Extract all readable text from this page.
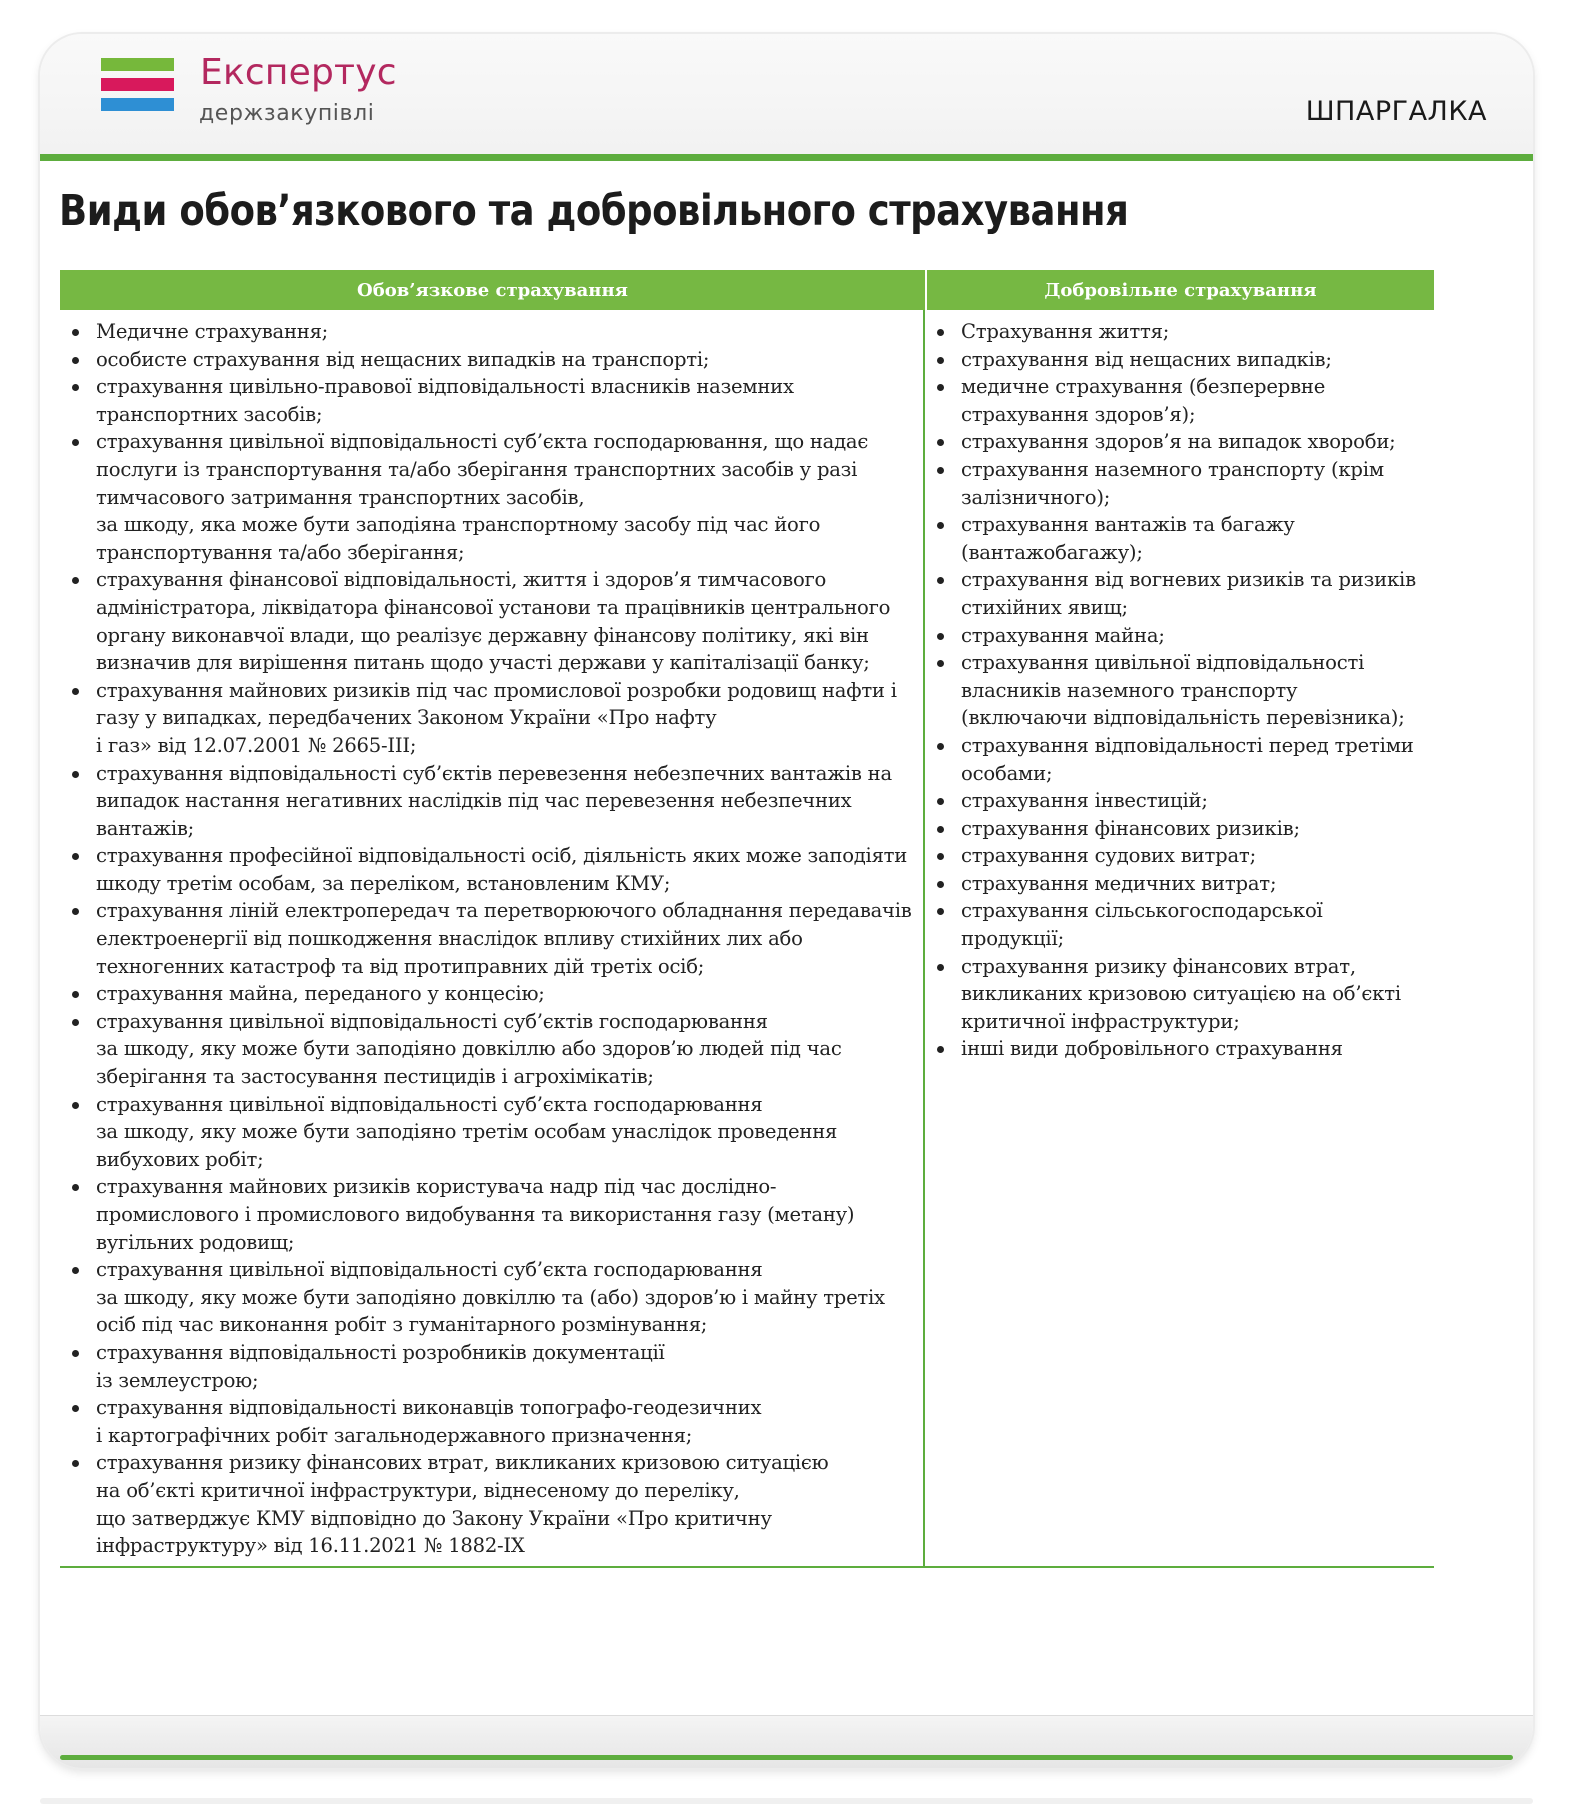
Експертус
держзакупівлі	ШПАРГАЛКА
Види обов’язкового та добровільного страхування
Обов’язкове страхування	Добровільне страхування
Медичне страхування;
особисте страхування від нещасних випадків на транспорті;
страхування цивільно-правової відповідальності власників наземних транспортних засобів;
страхування цивільної відповідальності суб’єкта господарювання, що надає послуги із транспортування та/або зберігання транспортних засобів у разі тимчасового затримання транспортних засобів,
за шкоду, яка може бути заподіяна транспортному засобу під час його транспортування та/або зберігання;
страхування фінансової відповідальності, життя і здоров’я тимчасового адміністратора, ліквідатора фінансової установи та працівників центрального органу виконавчої влади, що реалізує державну фінансову політику, які він визначив для вирішення питань щодо участі держави у капіталізації банку;
страхування майнових ризиків під час промислової розробки родовищ нафти і газу у випадках, передбачених Законом України «Про нафту
і газ» від 12.07.2001 № 2665-III;
страхування відповідальності суб’єктів перевезення небезпечних вантажів на випадок настання негативних наслідків під час перевезення небезпечних вантажів;
страхування професійної відповідальності осіб, діяльність яких може заподіяти шкоду третім особам, за переліком, встановленим КМУ;
страхування ліній електропередач та перетворюючого обладнання передавачів електроенергії від пошкодження внаслідок впливу стихійних лих або техногенних катастроф та від протиправних дій третіх осіб;
страхування майна, переданого у концесію;
страхування цивільної відповідальності суб’єктів господарювання
за шкоду, яку може бути заподіяно довкіллю або здоров’ю людей під час зберігання та застосування пестицидів і агрохімікатів;
страхування цивільної відповідальності суб’єкта господарювання
за шкоду, яку може бути заподіяно третім особам унаслідок проведення вибухових робіт;
страхування майнових ризиків користувача надр під час дослідно-промислового і промислового видобування та використання газу (метану) вугільних родовищ;
страхування цивільної відповідальності суб’єкта господарювання
за шкоду, яку може бути заподіяно довкіллю та (або) здоров’ю і майну третіх осіб під час виконання робіт з гуманітарного розмінування;
страхування відповідальності розробників документації
із землеустрою;
страхування відповідальності виконавців топографо-геодезичних
і картографічних робіт загальнодержавного призначення;
страхування ризику фінансових втрат, викликаних кризовою ситуацією
на об’єкті критичної інфраструктури, віднесеному до переліку,
що затверджує КМУ відповідно до Закону України «Про критичну інфраструктуру» від 16.11.2021 № 1882-IX
Страхування життя;
страхування від нещасних випадків;
медичне страхування (безперервне страхування здоров’я);
страхування здоров’я на випадок хвороби;
страхування наземного транспорту (крім залізничного);
страхування вантажів та багажу (вантажобагажу);
страхування від вогневих ризиків та ризиків стихійних явищ;
страхування майна;
страхування цивільної відповідальності власників наземного транспорту (включаючи відповідальність перевізника);
страхування відповідальності перед третіми особами;
страхування інвестицій;
страхування фінансових ризиків;
страхування судових витрат;
страхування медичних витрат;
страхування сільськогосподарської продукції;
страхування ризику фінансових втрат, викликаних кризовою ситуацією на об’єкті критичної інфраструктури;
інші види добровільного страхування
